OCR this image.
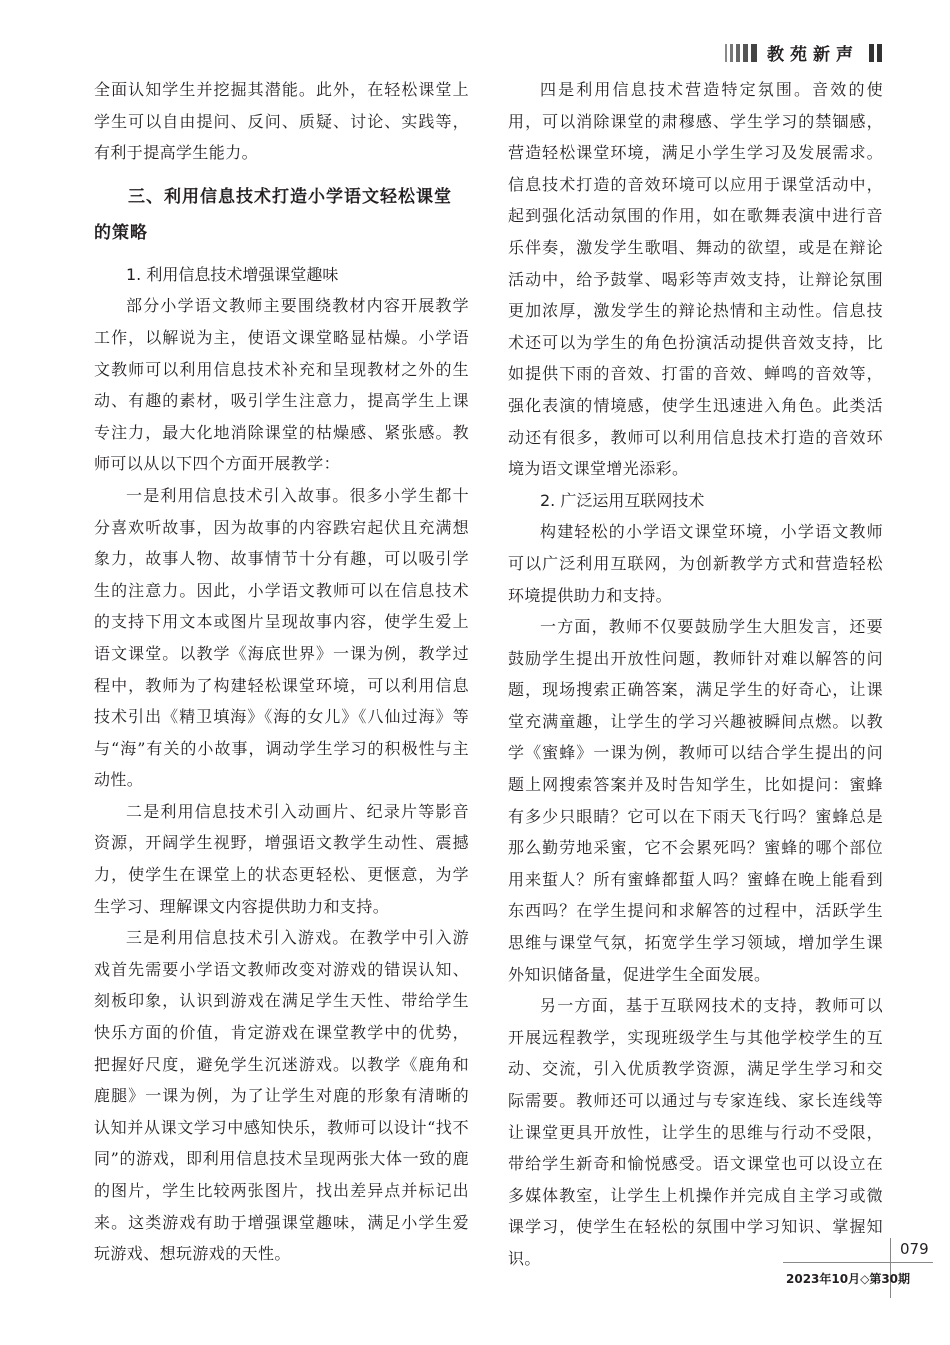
教苑新声

全面认知学生并挖掘其潜能。此外，在轻松课堂上学生可以自由提问、反问、质疑、讨论、实践等，有利于提高学生能力。

三、利用信息技术打造小学语文轻松课堂的策略
1. 利用信息技术增强课堂趣味

部分小学语文教师主要围绕教材内容开展教学工作，以解说为主，使语文课堂略显枯燥。小学语文教师可以利用信息技术补充和呈现教材之外的生动、有趣的素材，吸引学生注意力，提高学生上课专注力，最大化地消除课堂的枯燥感、紧张感。教师可以从以下四个方面开展教学：

一是利用信息技术引入故事。很多小学生都十分喜欢听故事，因为故事的内容跌宕起伏且充满想象力，故事人物、故事情节十分有趣，可以吸引学生的注意力。因此，小学语文教师可以在信息技术的支持下用文本或图片呈现故事内容，使学生爱上语文课堂。以教学《海底世界》一课为例，教学过程中，教师为了构建轻松课堂环境，可以利用信息技术引出《精卫填海》《海的女儿》《八仙过海》等与“海”有关的小故事，调动学生学习的积极性与主动性。

二是利用信息技术引入动画片、纪录片等影音资源，开阔学生视野，增强语文教学生动性、震撼力，使学生在课堂上的状态更轻松、更惬意，为学生学习、理解课文内容提供助力和支持。

三是利用信息技术引入游戏。在教学中引入游戏首先需要小学语文教师改变对游戏的错误认知、刻板印象，认识到游戏在满足学生天性、带给学生快乐方面的价值，肯定游戏在课堂教学中的优势，把握好尺度，避免学生沉迷游戏。以教学《鹿角和鹿腿》一课为例，为了让学生对鹿的形象有清晰的认知并从课文学习中感知快乐，教师可以设计“找不同”的游戏，即利用信息技术呈现两张大体一致的鹿的图片，学生比较两张图片，找出差异点并标记出来。这类游戏有助于增强课堂趣味，满足小学生爱玩游戏、想玩游戏的天性。

四是利用信息技术营造特定氛围。音效的使用，可以消除课堂的肃穆感、学生学习的禁锢感，营造轻松课堂环境，满足小学生学习及发展需求。信息技术打造的音效环境可以应用于课堂活动中，起到强化活动氛围的作用，如在歌舞表演中进行音乐伴奏，激发学生歌唱、舞动的欲望，或是在辩论活动中，给予鼓掌、喝彩等声效支持，让辩论氛围更加浓厚，激发学生的辩论热情和主动性。信息技术还可以为学生的角色扮演活动提供音效支持，比如提供下雨的音效、打雷的音效、蝉鸣的音效等，强化表演的情境感，使学生迅速进入角色。此类活动还有很多，教师可以利用信息技术打造的音效环境为语文课堂增光添彩。

2. 广泛运用互联网技术

构建轻松的小学语文课堂环境，小学语文教师可以广泛利用互联网，为创新教学方式和营造轻松环境提供助力和支持。

一方面，教师不仅要鼓励学生大胆发言，还要鼓励学生提出开放性问题，教师针对难以解答的问题，现场搜索正确答案，满足学生的好奇心，让课堂充满童趣，让学生的学习兴趣被瞬间点燃。以教学《蜜蜂》一课为例，教师可以结合学生提出的问题上网搜索答案并及时告知学生，比如提问：蜜蜂有多少只眼睛？它可以在下雨天飞行吗？蜜蜂总是那么勤劳地采蜜，它不会累死吗？蜜蜂的哪个部位用来蜇人？所有蜜蜂都蜇人吗？蜜蜂在晚上能看到东西吗？在学生提问和求解答的过程中，活跃学生思维与课堂气氛，拓宽学生学习领域，增加学生课外知识储备量，促进学生全面发展。

另一方面，基于互联网技术的支持，教师可以开展远程教学，实现班级学生与其他学校学生的互动、交流，引入优质教学资源，满足学生学习和交际需要。教师还可以通过与专家连线、家长连线等让课堂更具开放性，让学生的思维与行动不受限，带给学生新奇和愉悦感受。语文课堂也可以设立在多媒体教室，让学生上机操作并完成自主学习或微课学习，使学生在轻松的氛围中学习知识、掌握知识。	079
2023年10月◇第30期
